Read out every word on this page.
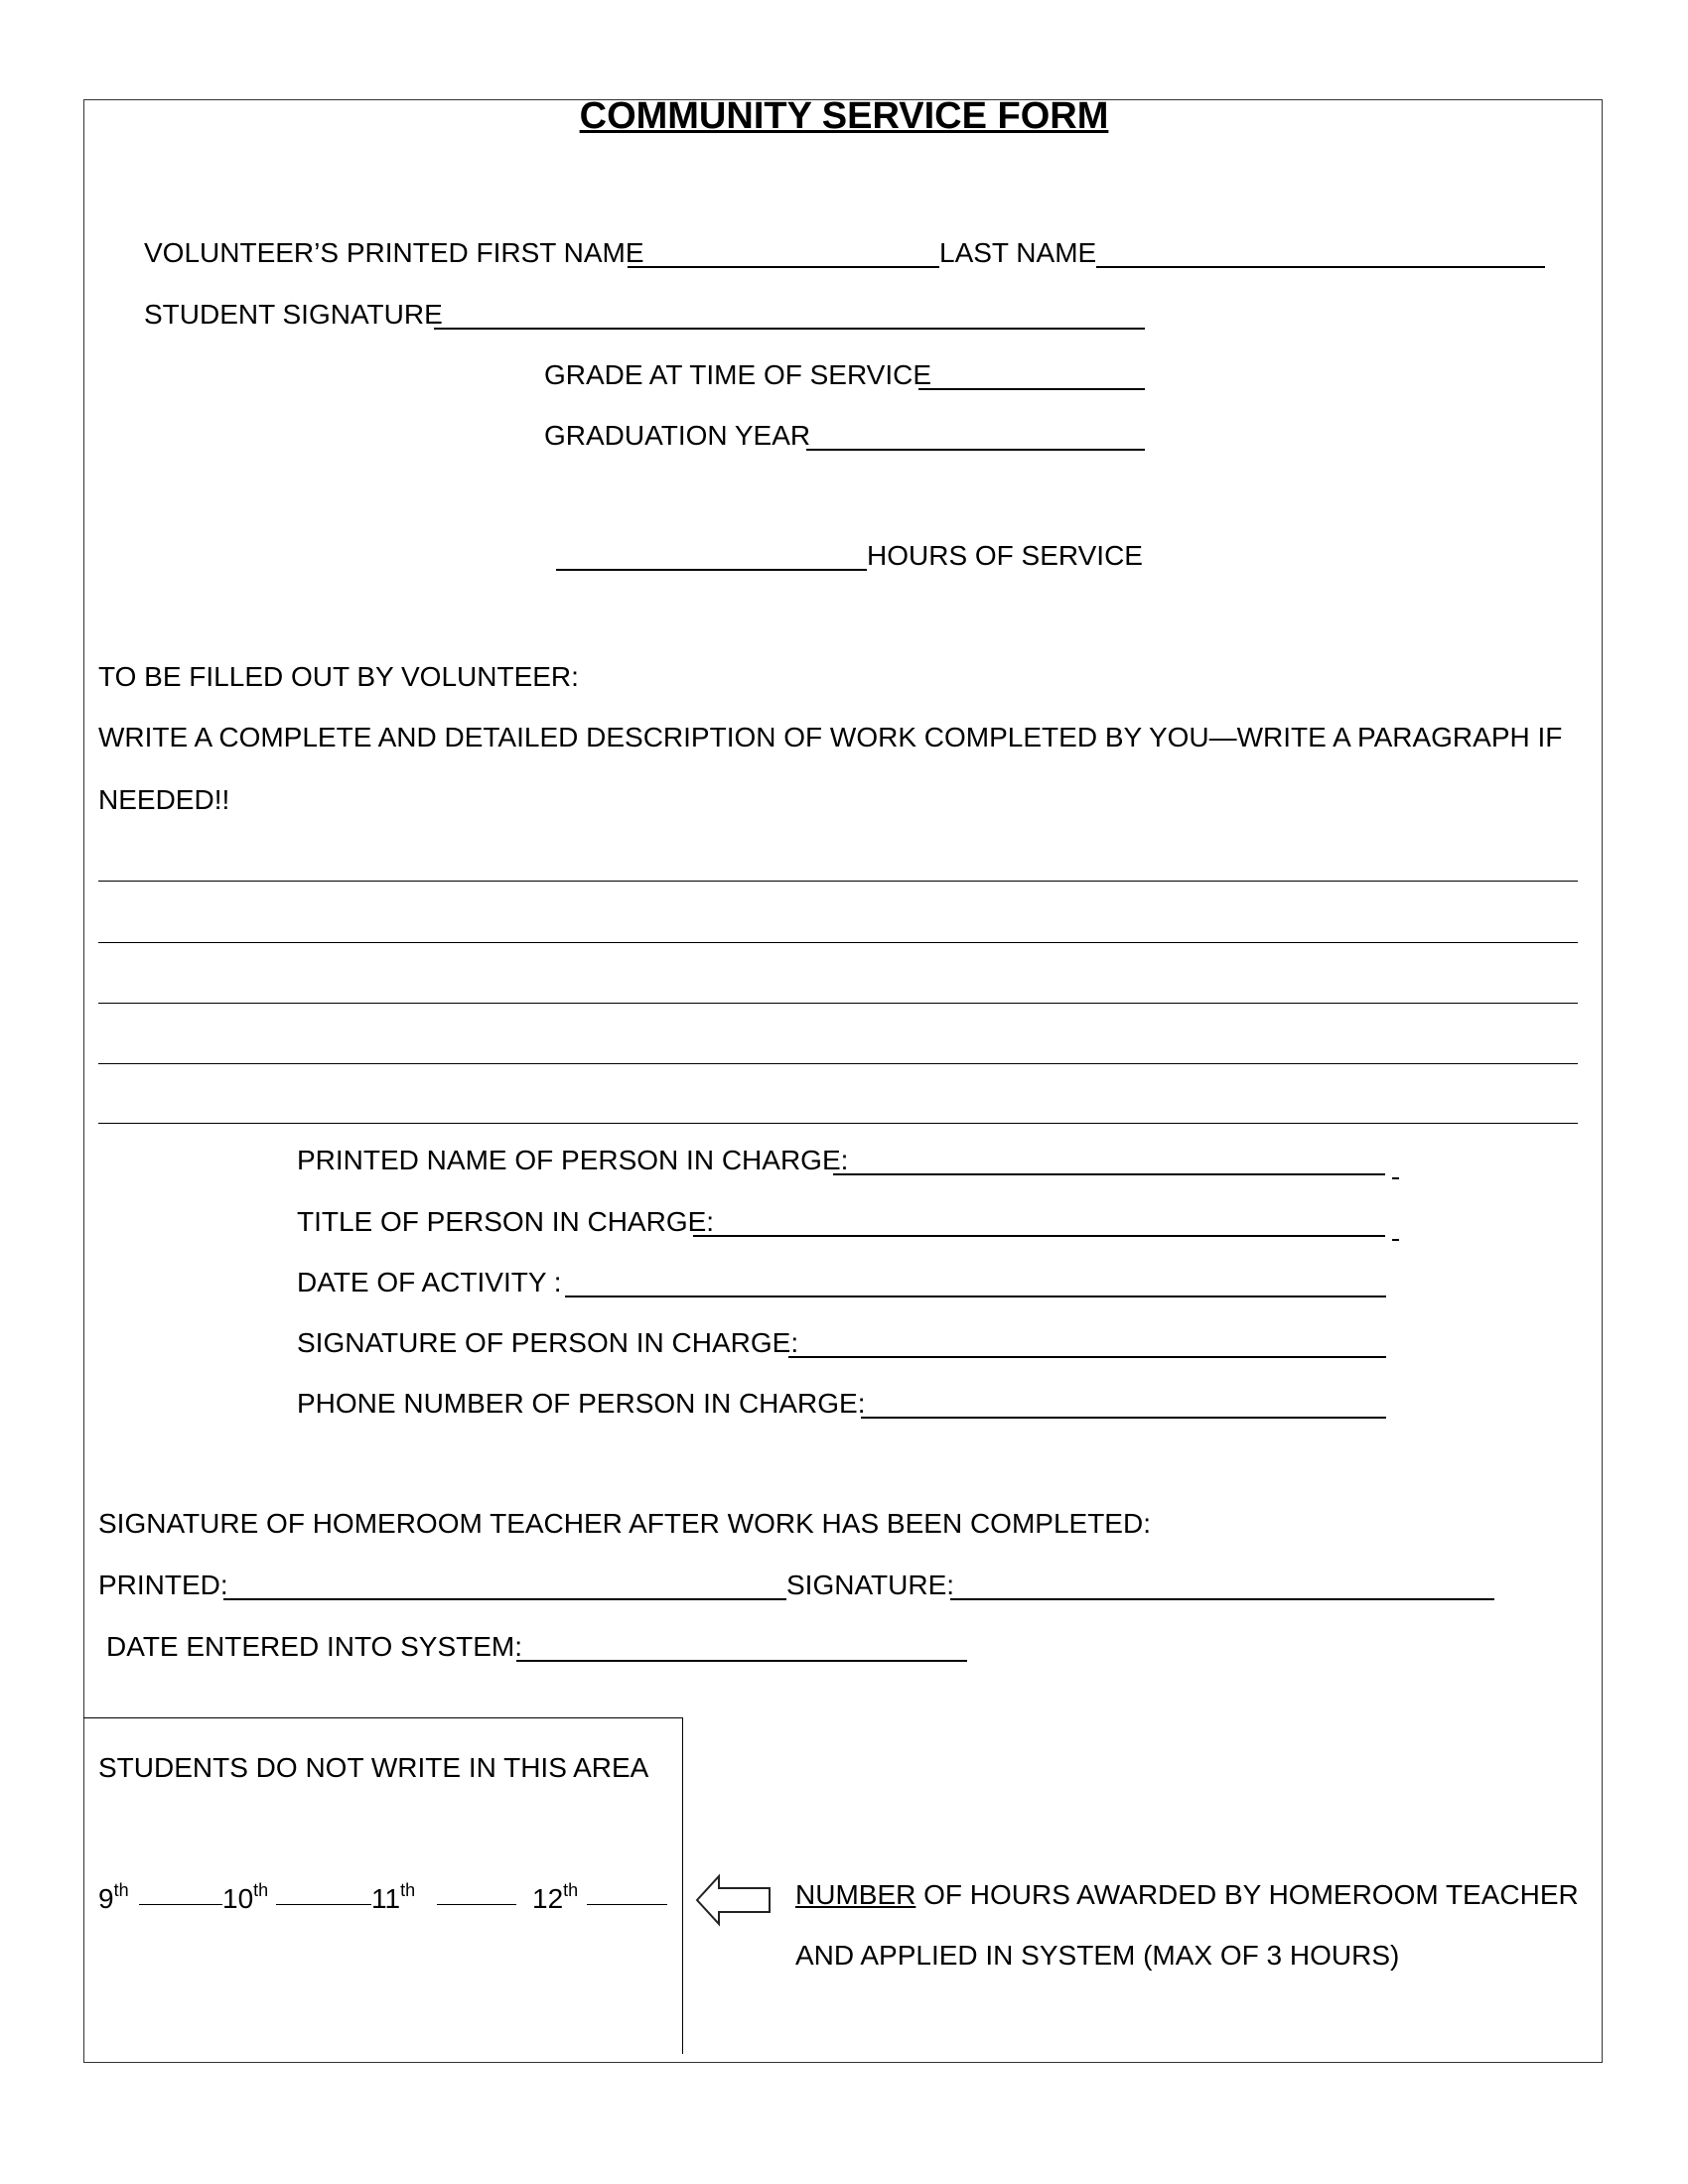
COMMUNITY SERVICE FORM
VOLUNTEER’S PRINTED FIRST NAME	LAST NAME
STUDENT SIGNATURE
GRADE AT TIME OF SERVICE
GRADUATION YEAR
HOURS OF SERVICE
TO BE FILLED OUT BY VOLUNTEER:
WRITE A COMPLETE AND DETAILED DESCRIPTION OF WORK COMPLETED BY YOU—WRITE A PARAGRAPH IF
NEEDED!!
PRINTED NAME OF PERSON IN CHARGE:
TITLE OF PERSON IN CHARGE:
DATE OF ACTIVITY :
SIGNATURE OF PERSON IN CHARGE:
PHONE NUMBER OF PERSON IN CHARGE:
SIGNATURE OF HOMEROOM TEACHER AFTER WORK HAS BEEN COMPLETED:
PRINTED:	SIGNATURE:
DATE ENTERED INTO SYSTEM:
STUDENTS DO NOT WRITE IN THIS AREA
9th	10th	11th	12th	NUMBER OF HOURS AWARDED BY HOMEROOM TEACHER
AND APPLIED IN SYSTEM (MAX OF 3 HOURS)
